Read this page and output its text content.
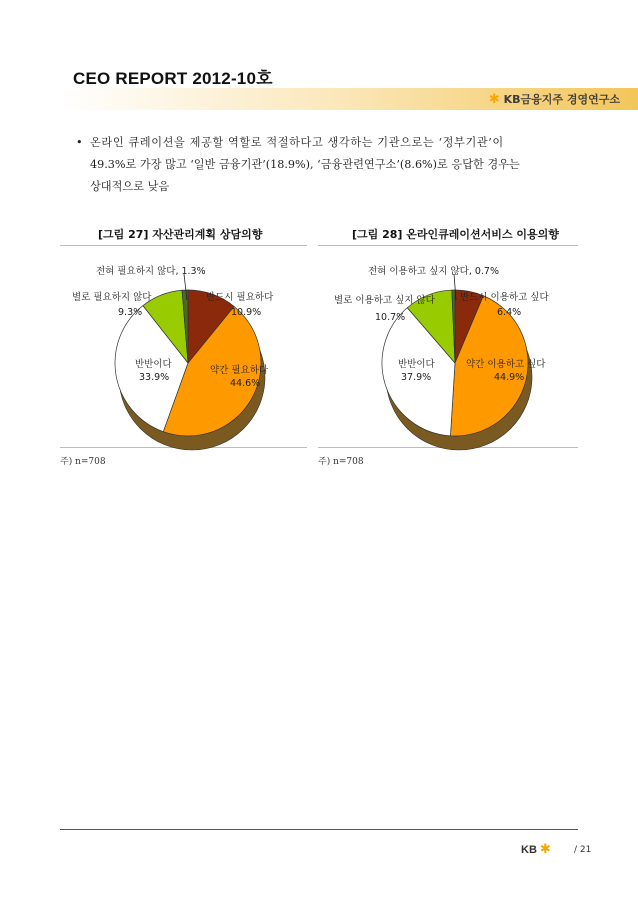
CEO REPORT 2012-10호
✱ KB금융지주 경영연구소
• 온라인 큐레이션을 제공할 역할로 적절하다고 생각하는 기관으로는 ‘정부기관’이
49.3%로 가장 많고 ‘일반 금융기관’(18.9%), ‘금융관련연구소’(8.6%)로 응답한 경우는
상대적으로 낮음
[그림 27] 자산관리계획 상담의향	[그림 28] 온라인큐레이션서비스 이용의향
주) n=708	주) n=708
전혀 필요하지 않다, 1.3%
별로 필요하지 않다
9.3%
반드시 필요하다
10.9%
반반이다
33.9%
약간 필요하다
44.6%
전혀 이용하고 싶지 않다, 0.7%
별로 이용하고 싶지 않다
10.7%
반드시 이용하고 싶다
6.4%
반반이다
37.9%
약간 이용하고 싶다
44.9%
KB ✱	/ 21
